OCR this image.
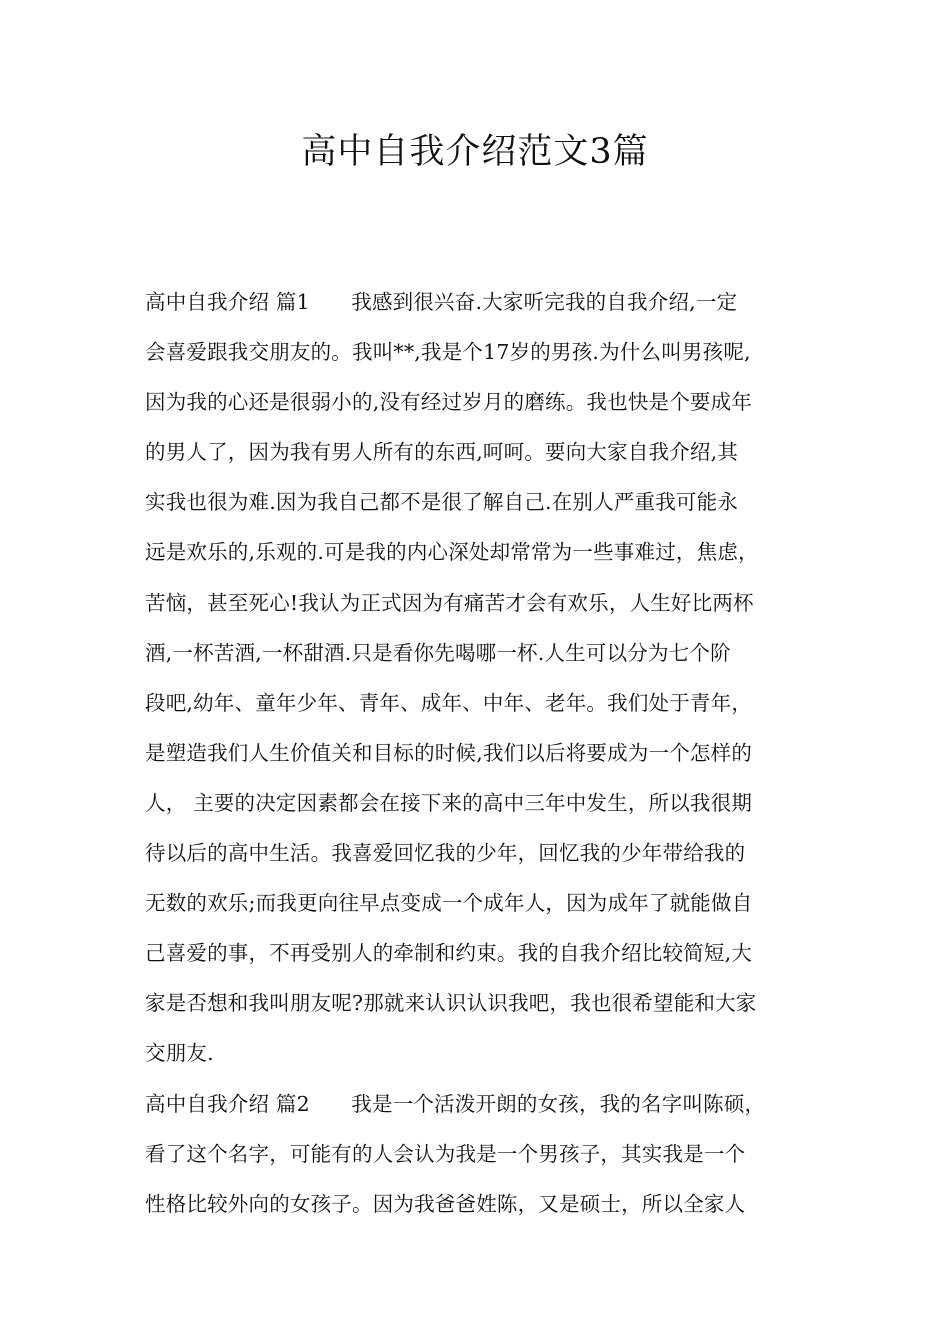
高中自我介绍范文3篇
高中自我介绍 篇1　　我感到很兴奋.大家听完我的自我介绍,一定
会喜爱跟我交朋友的。我叫**,我是个17岁的男孩.为什么叫男孩呢,
因为我的心还是很弱小的,没有经过岁月的磨练。我也快是个要成年
的男人了，因为我有男人所有的东西,呵呵。要向大家自我介绍,其
实我也很为难.因为我自己都不是很了解自己.在别人严重我可能永
远是欢乐的,乐观的.可是我的内心深处却常常为一些事难过，焦虑，
苦恼，甚至死心!我认为正式因为有痛苦才会有欢乐，人生好比两杯
酒,一杯苦酒,一杯甜酒.只是看你先喝哪一杯.人生可以分为七个阶
段吧,幼年、童年少年、青年、成年、中年、老年。我们处于青年，
是塑造我们人生价值关和目标的时候,我们以后将要成为一个怎样的
人， 主要的决定因素都会在接下来的高中三年中发生，所以我很期
待以后的高中生活。我喜爱回忆我的少年，回忆我的少年带给我的
无数的欢乐;而我更向往早点变成一个成年人，因为成年了就能做自
己喜爱的事，不再受别人的牵制和约束。我的自我介绍比较简短,大
家是否想和我叫朋友呢?那就来认识认识我吧，我也很希望能和大家
交朋友.
高中自我介绍 篇2　　我是一个活泼开朗的女孩，我的名字叫陈硕，
看了这个名字，可能有的人会认为我是一个男孩子，其实我是一个
性格比较外向的女孩子。因为我爸爸姓陈，又是硕士，所以全家人
